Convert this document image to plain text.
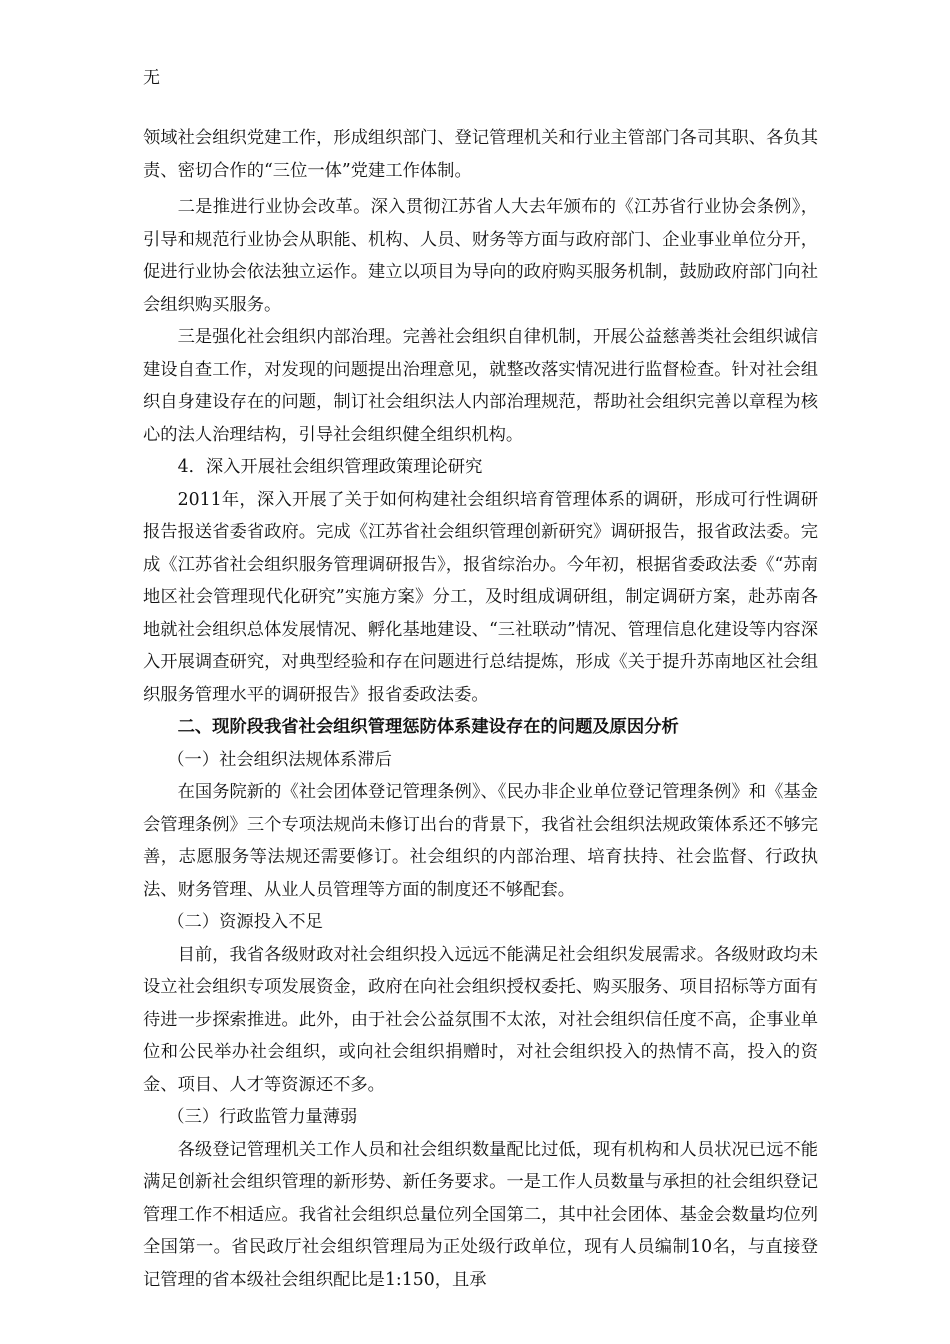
无

领域社会组织党建工作，形成组织部门、登记管理机关和行业主管部门各司其职、各负其责、密切合作的“三位一体”党建工作体制。

二是推进行业协会改革。深入贯彻江苏省人大去年颁布的《江苏省行业协会条例》，引导和规范行业协会从职能、机构、人员、财务等方面与政府部门、企业事业单位分开，促进行业协会依法独立运作。建立以项目为导向的政府购买服务机制，鼓励政府部门向社会组织购买服务。

三是强化社会组织内部治理。完善社会组织自律机制，开展公益慈善类社会组织诚信建设自查工作，对发现的问题提出治理意见，就整改落实情况进行监督检查。针对社会组织自身建设存在的问题，制订社会组织法人内部治理规范，帮助社会组织完善以章程为核心的法人治理结构，引导社会组织健全组织机构。

4．深入开展社会组织管理政策理论研究

2011年，深入开展了关于如何构建社会组织培育管理体系的调研，形成可行性调研报告报送省委省政府。完成《江苏省社会组织管理创新研究》调研报告，报省政法委。完成《江苏省社会组织服务管理调研报告》，报省综治办。今年初，根据省委政法委《“苏南地区社会管理现代化研究”实施方案》分工，及时组成调研组，制定调研方案，赴苏南各地就社会组织总体发展情况、孵化基地建设、“三社联动”情况、管理信息化建设等内容深入开展调查研究，对典型经验和存在问题进行总结提炼，形成《关于提升苏南地区社会组织服务管理水平的调研报告》报省委政法委。

二、现阶段我省社会组织管理惩防体系建设存在的问题及原因分析

（一）社会组织法规体系滞后

在国务院新的《社会团体登记管理条例》、《民办非企业单位登记管理条例》和《基金会管理条例》三个专项法规尚未修订出台的背景下，我省社会组织法规政策体系还不够完善，志愿服务等法规还需要修订。社会组织的内部治理、培育扶持、社会监督、行政执法、财务管理、从业人员管理等方面的制度还不够配套。

（二）资源投入不足

目前，我省各级财政对社会组织投入远远不能满足社会组织发展需求。各级财政均未设立社会组织专项发展资金，政府在向社会组织授权委托、购买服务、项目招标等方面有待进一步探索推进。此外，由于社会公益氛围不太浓，对社会组织信任度不高，企事业单位和公民举办社会组织，或向社会组织捐赠时，对社会组织投入的热情不高，投入的资金、项目、人才等资源还不多。

（三）行政监管力量薄弱

各级登记管理机关工作人员和社会组织数量配比过低，现有机构和人员状况已远不能满足创新社会组织管理的新形势、新任务要求。一是工作人员数量与承担的社会组织登记管理工作不相适应。我省社会组织总量位列全国第二，其中社会团体、基金会数量均位列全国第一。省民政厅社会组织管理局为正处级行政单位，现有人员编制10名，与直接登记管理的省本级社会组织配比是1:150，且承
